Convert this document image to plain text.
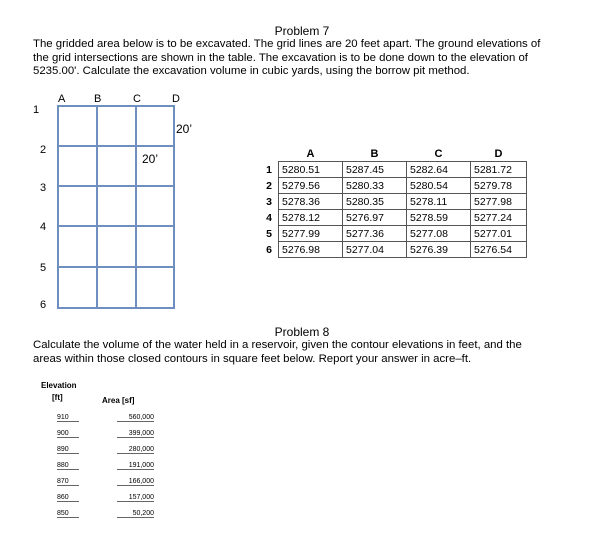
Problem 7
The gridded area below is to be excavated. The grid lines are 20 feet apart. The ground elevations of
the grid intersections are shown in the table. The excavation is to be done down to the elevation of
5235.00'. Calculate the excavation volume in cubic yards, using the borrow pit method.
A	B	C	D
1
2
3
4
5
6
20’
20’
		A	B	C	D
1	5280.51	5287.45	5282.64	5281.72
2	5279.56	5280.33	5280.54	5279.78
3	5278.36	5280.35	5278.11	5277.98
4	5278.12	5276.97	5278.59	5277.24
5	5277.99	5277.36	5277.08	5277.01
6	5276.98	5277.04	5276.39	5276.54
Problem 8
Calculate the volume of the water held in a reservoir, given the contour elevations in feet, and the
areas within those closed contours in square feet below. Report your answer in acre–ft.
Elevation
[ft]	Area [sf]
910		560,000
900		399,000
890		280,000
880		191,000
870		166,000
860		157,000
850		50,200
